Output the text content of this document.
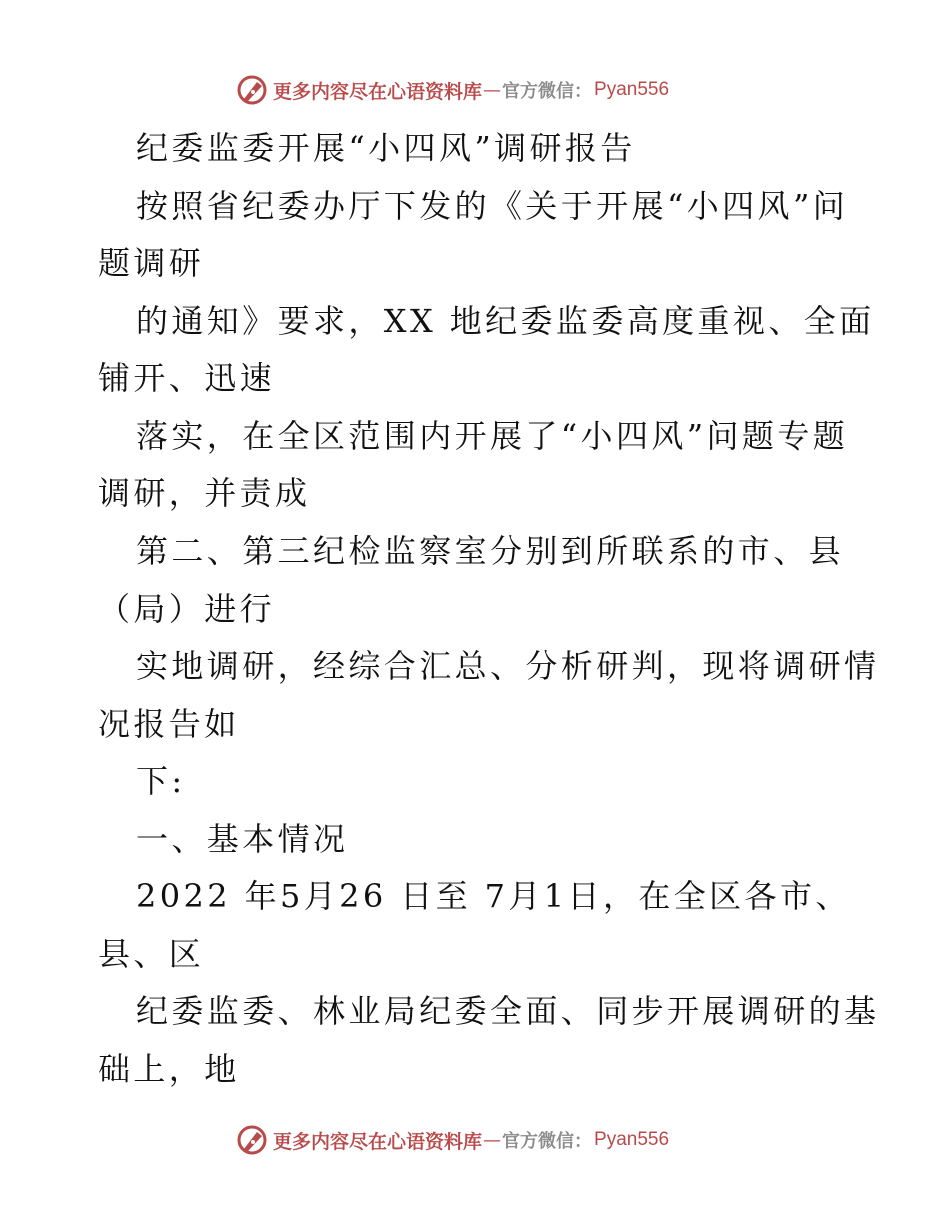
更多内容尽在心语资料库 — 官方微信： Pyan556
纪委监委开展“小四风”调研报告
按照省纪委办厅下发的《关于开展“小四风”问
题调研
的通知》要求，XX 地纪委监委高度重视、全面
铺开、迅速
落实，在全区范围内开展了“小四风”问题专题
调研，并责成
第二、第三纪检监察室分别到所联系的市、县
（局）进行
实地调研，经综合汇总、分析研判，现将调研情
况报告如
下:
一、基本情况
2022 年5月26 日至 7月1日，在全区各市、
县、区
纪委监委、林业局纪委全面、同步开展调研的基
础上，地
更多内容尽在心语资料库 — 官方微信： Pyan556
